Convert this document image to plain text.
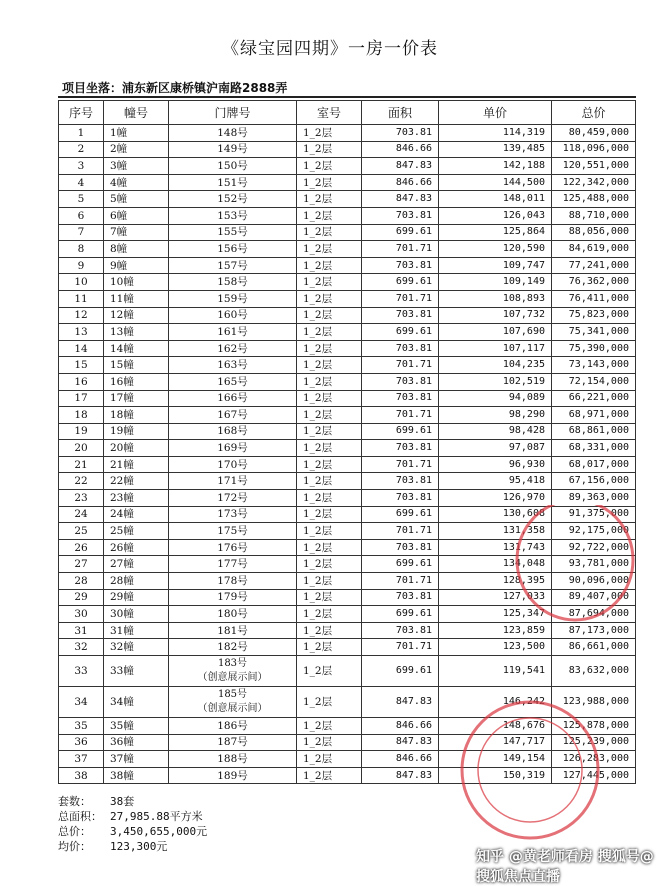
《绿宝园四期》一房一价表
项目坐落：浦东新区康桥镇沪南路2888弄
序号	幢号	门牌号	室号	面积	单价	总价
1	1幢	148号	1_2层	703.81	114,319	80,459,000
2	2幢	149号	1_2层	846.66	139,485	118,096,000
3	3幢	150号	1_2层	847.83	142,188	120,551,000
4	4幢	151号	1_2层	846.66	144,500	122,342,000
5	5幢	152号	1_2层	847.83	148,011	125,488,000
6	6幢	153号	1_2层	703.81	126,043	88,710,000
7	7幢	155号	1_2层	699.61	125,864	88,056,000
8	8幢	156号	1_2层	701.71	120,590	84,619,000
9	9幢	157号	1_2层	703.81	109,747	77,241,000
10	10幢	158号	1_2层	699.61	109,149	76,362,000
11	11幢	159号	1_2层	701.71	108,893	76,411,000
12	12幢	160号	1_2层	703.81	107,732	75,823,000
13	13幢	161号	1_2层	699.61	107,690	75,341,000
14	14幢	162号	1_2层	703.81	107,117	75,390,000
15	15幢	163号	1_2层	701.71	104,235	73,143,000
16	16幢	165号	1_2层	703.81	102,519	72,154,000
17	17幢	166号	1_2层	703.81	94,089	66,221,000
18	18幢	167号	1_2层	701.71	98,290	68,971,000
19	19幢	168号	1_2层	699.61	98,428	68,861,000
20	20幢	169号	1_2层	703.81	97,087	68,331,000
21	21幢	170号	1_2层	701.71	96,930	68,017,000
22	22幢	171号	1_2层	703.81	95,418	67,156,000
23	23幢	172号	1_2层	703.81	126,970	89,363,000
24	24幢	173号	1_2层	699.61	130,608	91,375,000
25	25幢	175号	1_2层	701.71	131,358	92,175,000
26	26幢	176号	1_2层	703.81	131,743	92,722,000
27	27幢	177号	1_2层	699.61	134,048	93,781,000
28	28幢	178号	1_2层	701.71	128,395	90,096,000
29	29幢	179号	1_2层	703.81	127,033	89,407,000
30	30幢	180号	1_2层	699.61	125,347	87,694,000
31	31幢	181号	1_2层	703.81	123,859	87,173,000
32	32幢	182号	1_2层	701.71	123,500	86,661,000
33	33幢	183号
（创意展示间）	1_2层	699.61	119,541	83,632,000
34	34幢	185号
（创意展示间）	1_2层	847.83	146,242	123,988,000
35	35幢	186号	1_2层	846.66	148,676	125,878,000
36	36幢	187号	1_2层	847.83	147,717	125,239,000
37	37幢	188号	1_2层	846.66	149,154	126,283,000
38	38幢	189号	1_2层	847.83	150,319	127,445,000
套数： 38套
总面积： 27,985.88平方米
总价： 3,450,655,000元
均价： 123,300元
知乎 @黄老师看房 搜狐号@搜狐焦点直播
